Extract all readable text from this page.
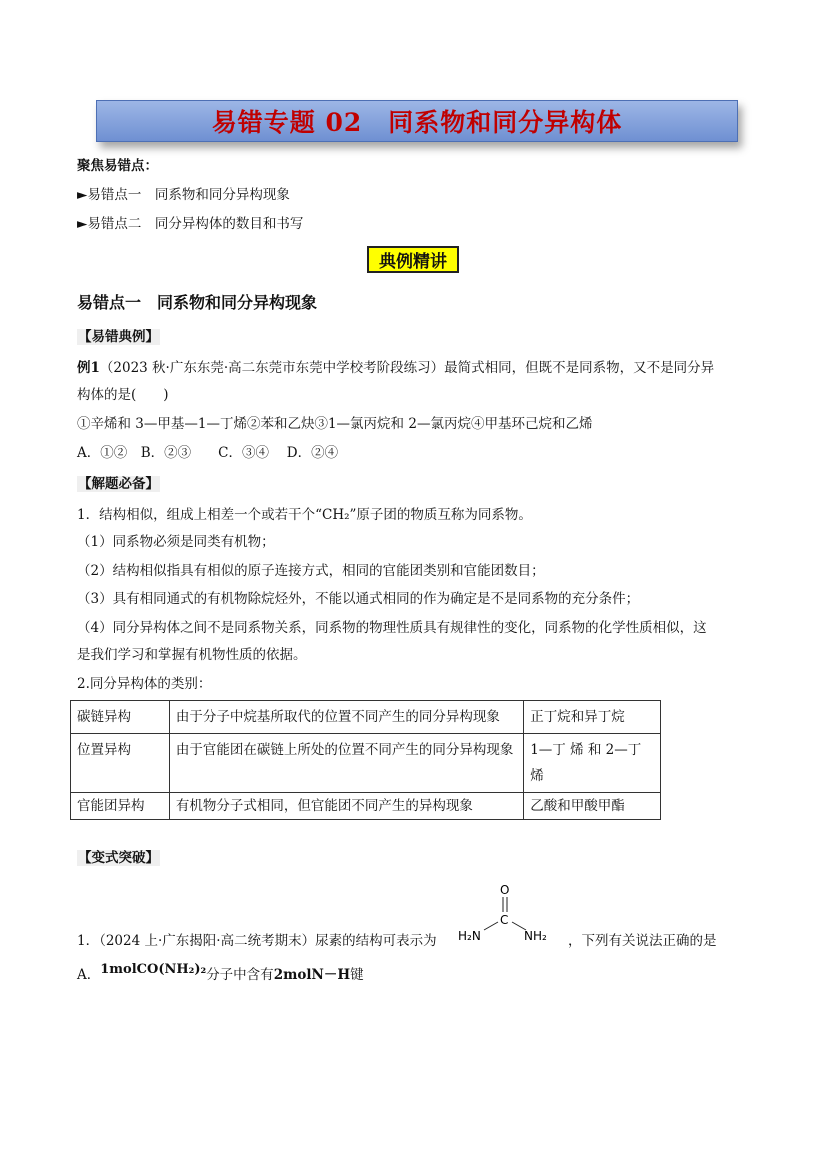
易错专题 02　同系物和同分异构体
聚焦易错点：
►易错点一　同系物和同分异构现象
►易错点二　同分异构体的数目和书写
典例精讲
易错点一　同系物和同分异构现象
【易错典例】
例1（2023 秋·广东东莞·高二东莞市东莞中学校考阶段练习）最简式相同，但既不是同系物，又不是同分异
构体的是(　　)
①辛烯和 3—甲基—1—丁烯②苯和乙炔③1—氯丙烷和 2—氯丙烷④甲基环己烷和乙烯
A．①②　B．②③　　C．③④　 D．②④
【解题必备】
1．结构相似，组成上相差一个或若干个“CH₂”原子团的物质互称为同系物。
（1）同系物必须是同类有机物；
（2）结构相似指具有相似的原子连接方式，相同的官能团类别和官能团数目；
（3）具有相同通式的有机物除烷烃外，不能以通式相同的作为确定是不是同系物的充分条件；
（4）同分异构体之间不是同系物关系，同系物的物理性质具有规律性的变化，同系物的化学性质相似，这
是我们学习和掌握有机物性质的依据。
2.同分异构体的类别：
碳链异构	由于分子中烷基所取代的位置不同产生的同分异构现象	正丁烷和异丁烷
位置异构	由于官能团在碳链上所处的位置不同产生的同分异构现象	1—丁 烯 和 2—丁烯
官能团异构	有机物分子式相同，但官能团不同产生的异构现象	乙酸和甲酸甲酯
【变式突破】
1．（2024 上·广东揭阳·高二统考期末）尿素的结构可表示为
O
C
H₂N	NH₂ ，下列有关说法正确的是
A．1molCO(NH₂)₂分子中含有2molN－H键
